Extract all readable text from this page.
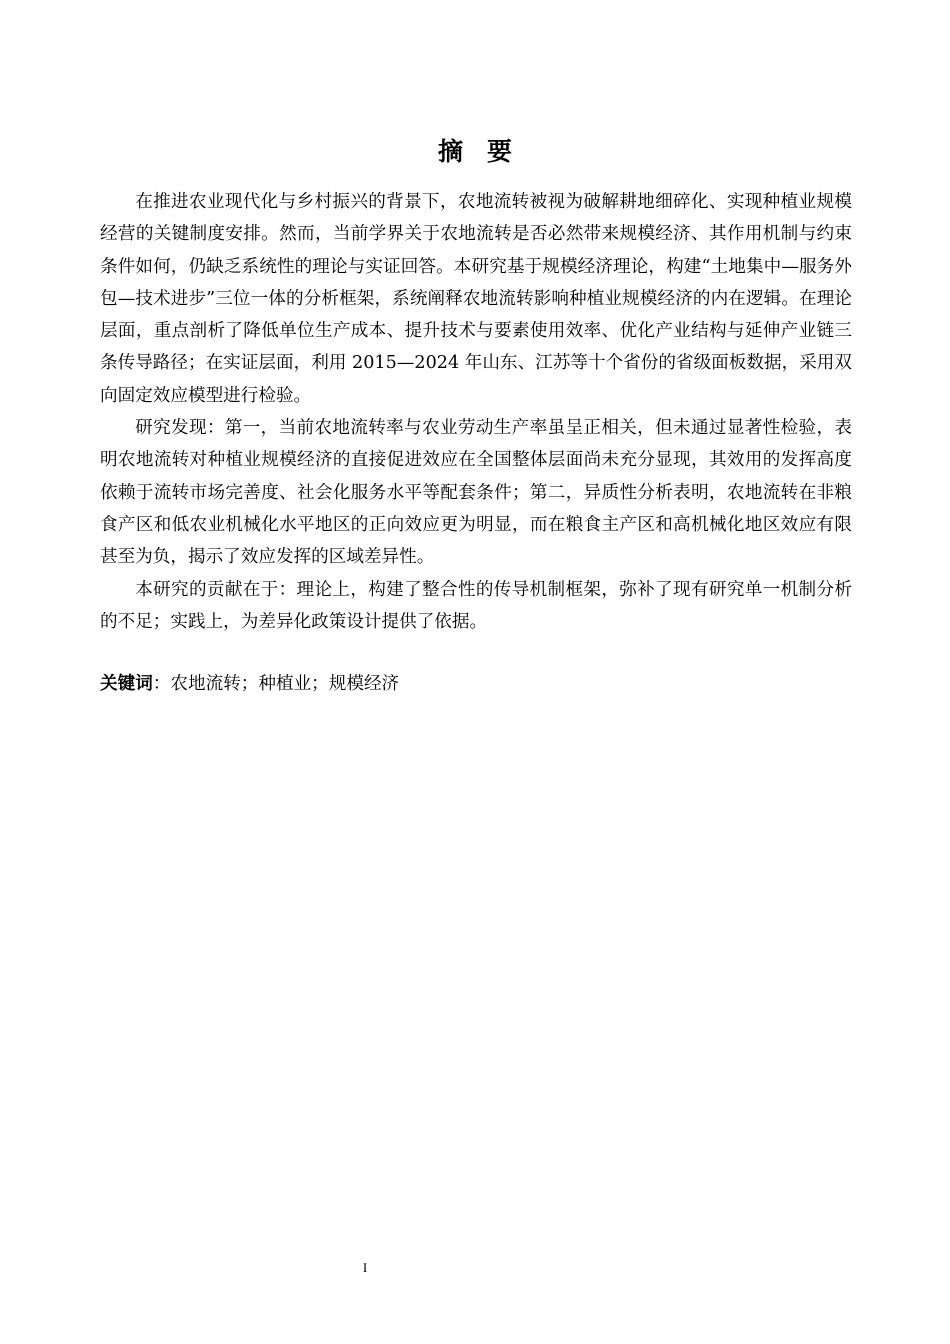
摘要

在推进农业现代化与乡村振兴的背景下，农地流转被视为破解耕地细碎化、实现种植业规模经营的关键制度安排。然而，当前学界关于农地流转是否必然带来规模经济、其作用机制与约束条件如何，仍缺乏系统性的理论与实证回答。本研究基于规模经济理论，构建“土地集中—服务外包—技术进步”三位一体的分析框架，系统阐释农地流转影响种植业规模经济的内在逻辑。在理论层面，重点剖析了降低单位生产成本、提升技术与要素使用效率、优化产业结构与延伸产业链三条传导路径；在实证层面，利用 2015—2024 年山东、江苏等十个省份的省级面板数据，采用双向固定效应模型进行检验。

研究发现：第一，当前农地流转率与农业劳动生产率虽呈正相关，但未通过显著性检验，表明农地流转对种植业规模经济的直接促进效应在全国整体层面尚未充分显现，其效用的发挥高度依赖于流转市场完善度、社会化服务水平等配套条件；第二，异质性分析表明，农地流转在非粮食产区和低农业机械化水平地区的正向效应更为明显，而在粮食主产区和高机械化地区效应有限甚至为负，揭示了效应发挥的区域差异性。

本研究的贡献在于：理论上，构建了整合性的传导机制框架，弥补了现有研究单一机制分析的不足；实践上，为差异化政策设计提供了依据。

关键词：农地流转；种植业；规模经济
I
